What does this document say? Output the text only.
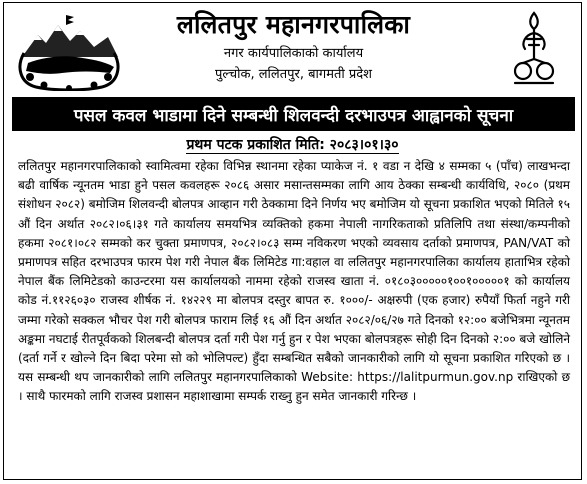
ललितपुर महानगरपालिका
नगर कार्यपालिकाको कार्यालय
पुल्चोक, ललितपुर, बागमती प्रदेश
पसल कवल भाडामा दिने सम्बन्धी शिलवन्दी दरभाउपत्र आह्वानको सूचना
प्रथम पटक प्रकाशित मिति: २०८३।०१।३०

ललितपुर महानगरपालिकाको स्वामित्वमा रहेका विभिन्न स्थानमा रहेका प्याकेज नं. १ वडा न देखि ४ सम्मका ५ (पाँच) लाखभन्दा बढी वार्षिक न्यूनतम भाडा हुने पसल कवलहरू २०८६ असार मसान्तसम्मका लागि आय ठेक्का सम्बन्धी कार्यविधि, २०८० (प्रथम संशोधन २०८२) बमोजिम शिलवन्दी बोलपत्र आव्हान गरी ठेक्कामा दिने निर्णय भए बमोजिम यो सूचना प्रकाशित भएको मितिले १५ औं दिन अर्थात २०८२।०६।३१ गते कार्यालय समयभित्र व्यक्तिको हकमा नेपाली नागरिकताको प्रतिलिपि तथा संस्था/कम्पनीको हकमा २०८१।०८२ सम्मको कर चुक्ता प्रमाणपत्र, २०८२।०८३ सम्म नविकरण भएको व्यवसाय दर्ताको प्रमाणपत्र, PAN/VAT को प्रमाणपत्र सहित दरभाउपत्र फारम पेश गरी नेपाल बैंक लिमिटेड गा:वहाल वा ललितपुर महानगरपालिका कार्यालय हाताभित्र रहेको नेपाल बैंक लिमिटेडको काउन्टरमा यस कार्यालयको नाममा रहेको राजस्व खाता नं. ०१८०३०००००१००१०००००१ को कार्यालय कोड नं.११२६०३० राजस्व शीर्षक नं. १४२२९ मा बोलपत्र दस्तुर बापत रु. १०००/- अक्षरुपी (एक हजार) रुपैयाँ फिर्ता नहुने गरी जम्मा गरेको सक्कल भौचर पेश गरी बोलपत्र फाराम लिई १६ औं दिन अर्थात २०८२/०६/२७ गते दिनको १२:०० बजेभित्रमा न्यूनतम अङ्कमा नघटाई रीतपूर्वकको शिलबन्दी बोलपत्र दर्ता गरी पेश गर्नु हुन र पेश भएका बोलपत्रहरू सोही दिन दिनको २:०० बजे खोलिने (दर्ता गर्ने र खोल्ने दिन बिदा परेमा सो को भोलिपल्ट) हुँदा सम्बन्धित सबैको जानकारीको लागि यो सूचना प्रकाशित गरिएको छ । यस सम्बन्धी थप जानकारीको लागि ललितपुर महानगरपालिकाको Website: https://lalitpurmun.gov.np राखिएको छ । साथै फारमको लागि राजस्व प्रशासन महाशाखामा सम्पर्क राख्नु हुन समेत जानकारी गरिन्छ ।
